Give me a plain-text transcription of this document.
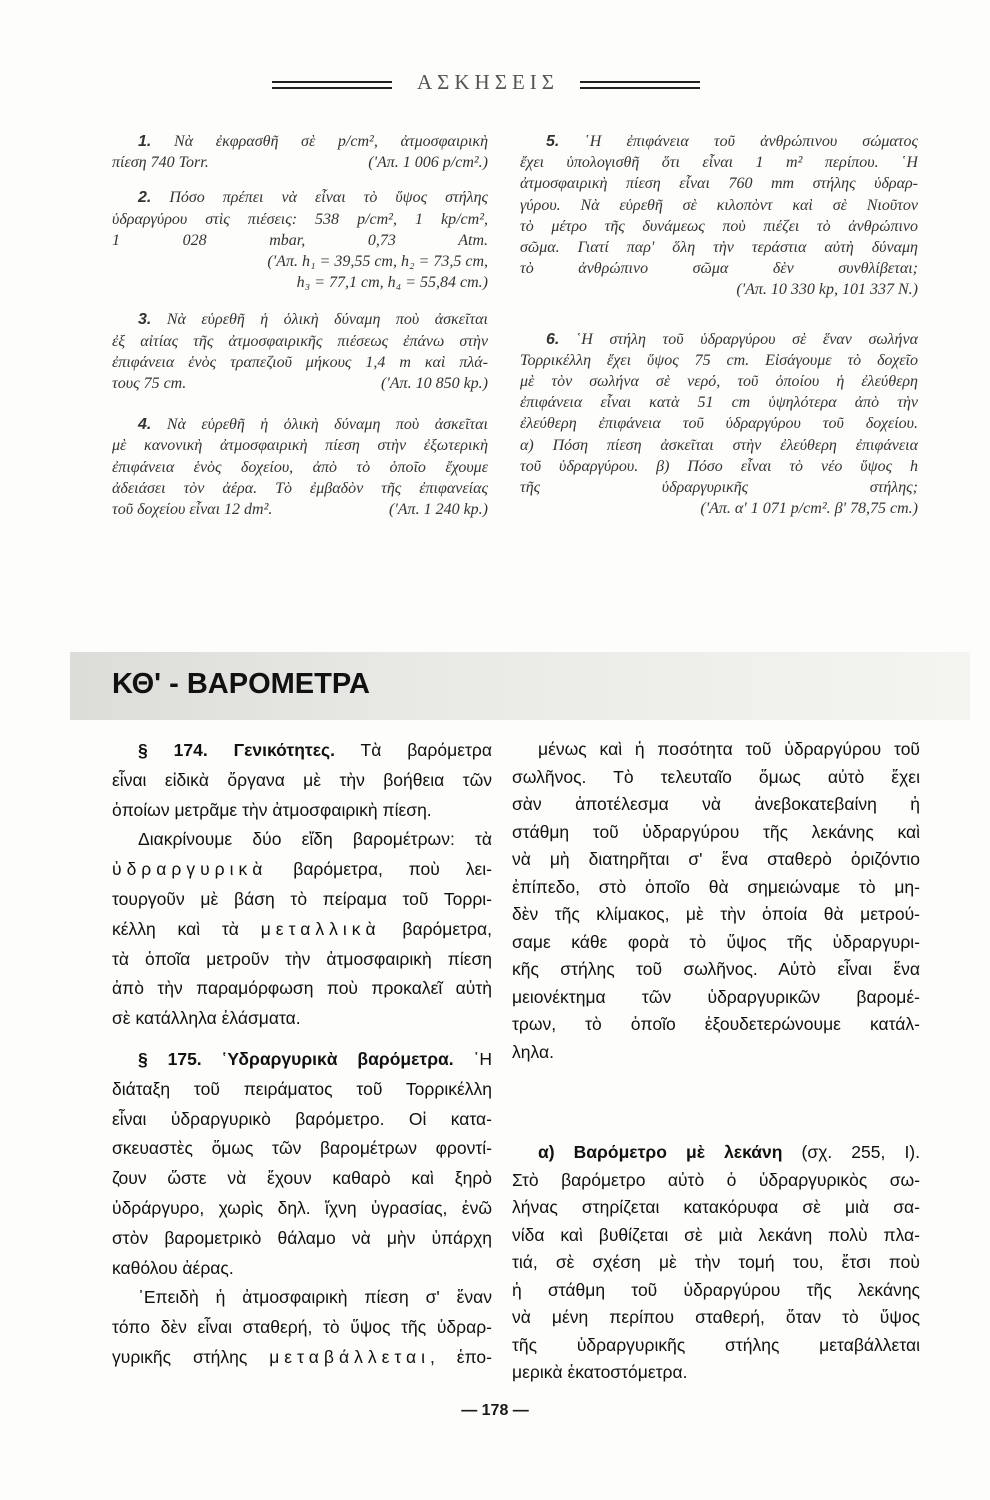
ΑΣΚΗΣΕΙΣ
1. Νὰ ἐκφρασθῆ σὲ p/cm², ἀτμοσφαιρικὴ
πίεση 740 Torr.	('Απ. 1 006 p/cm².)
2. Πόσο πρέπει νὰ εἶναι τὸ ὕψος στήλης
ὑδραργύρου στὶς πιέσεις: 538 p/cm², 1 kp/cm²,
1 028 mbar, 0,73 Atm.
('Απ. h₁ = 39,55 cm, h₂ = 73,5 cm,
h₃ = 77,1 cm, h₄ = 55,84 cm.)
3. Νὰ εὑρεθῆ ἡ ὁλικὴ δύναμη ποὺ ἀσκεῖται
ἐξ αἰτίας τῆς ἀτμοσφαιρικῆς πιέσεως ἐπάνω στὴν
ἐπιφάνεια ἑνὸς τραπεζιοῦ μήκους 1,4 m καὶ πλά-
τους 75 cm.	('Απ. 10 850 kp.)
4. Νὰ εὑρεθῆ ἡ ὁλικὴ δύναμη ποὺ ἀσκεῖται
μὲ κανονικὴ ἀτμοσφαιρικὴ πίεση στὴν ἐξωτερικὴ
ἐπιφάνεια ἑνὸς δοχείου, ἀπὸ τὸ ὁποῖο ἔχουμε
ἀδειάσει τὸν ἀέρα. Τὸ ἐμβαδὸν τῆς ἐπιφανείας
τοῦ δοχείου εἶναι 12 dm².	('Απ. 1 240 kp.)
5. ῾Η ἐπιφάνεια τοῦ ἀνθρώπινου σώματος
ἔχει ὑπολογισθῆ ὅτι εἶναι 1 m² περίπου. ῾Η
ἀτμοσφαιρικὴ πίεση εἶναι 760 mm στήλης ὑδραρ-
γύρου. Νὰ εὑρεθῆ σὲ κιλοπὸντ καὶ σὲ Νιοῦτον
τὸ μέτρο τῆς δυνάμεως ποὺ πιέζει τὸ ἀνθρώπινο
σῶμα. Γιατί παρ' ὅλη τὴν τεράστια αὐτὴ δύναμη
τὸ ἀνθρώπινο σῶμα δὲν συνθλίβεται;
('Απ. 10 330 kp, 101 337 N.)
6. ῾Η στήλη τοῦ ὑδραργύρου σὲ ἕναν σωλήνα
Τορρικέλλη ἔχει ὕψος 75 cm. Εἰσάγουμε τὸ δοχεῖο
μὲ τὸν σωλήνα σὲ νερό, τοῦ ὁποίου ἡ ἐλεύθερη
ἐπιφάνεια εἶναι κατὰ 51 cm ὑψηλότερα ἀπὸ τὴν
ἐλεύθερη ἐπιφάνεια τοῦ ὑδραργύρου τοῦ δοχείου.
α) Πόση πίεση ἀσκεῖται στὴν ἐλεύθερη ἐπιφάνεια
τοῦ ὑδραργύρου. β) Πόσο εἶναι τὸ νέο ὕψος h
τῆς ὑδραργυρικῆς στήλης;
('Απ. α' 1 071 p/cm². β' 78,75 cm.)
ΚΘ' - ΒΑΡΟΜΕΤΡΑ
§ 174. Γενικότητες. Τὰ βαρόμετρα
εἶναι εἰδικὰ ὄργανα μὲ τὴν βοήθεια τῶν
ὁποίων μετρᾶμε τὴν ἀτμοσφαιρικὴ πίεση.
Διακρίνουμε δύο εἴδη βαρομέτρων: τὰ
ὑδραργυρικὰ βαρόμετρα, ποὺ λει-
τουργοῦν μὲ βάση τὸ πείραμα τοῦ Τορρι-
κέλλη καὶ τὰ μεταλλικὰ βαρόμετρα,
τὰ ὁποῖα μετροῦν τὴν ἀτμοσφαιρικὴ πίεση
ἀπὸ τὴν παραμόρφωση ποὺ προκαλεῖ αὐτὴ
σὲ κατάλληλα ἐλάσματα.
§ 175. ῾Υδραργυρικὰ βαρόμετρα. ῾Η
διάταξη τοῦ πειράματος τοῦ Τορρικέλλη
εἶναι ὑδραργυρικὸ βαρόμετρο. Οἱ κατα-
σκευαστὲς ὅμως τῶν βαρομέτρων φροντί-
ζουν ὥστε νὰ ἔχουν καθαρὸ καὶ ξηρὸ
ὑδράργυρο, χωρὶς δηλ. ἴχνη ὑγρασίας, ἐνῶ
στὸν βαρομετρικὸ θάλαμο νὰ μὴν ὑπάρχη
καθόλου ἀέρας.
᾿Επειδὴ ἡ ἀτμοσφαιρικὴ πίεση σ' ἕναν
τόπο δὲν εἶναι σταθερή, τὸ ὕψος τῆς ὑδραρ-
γυρικῆς στήλης μεταβάλλεται, ἑπο-
μένως καὶ ἡ ποσότητα τοῦ ὑδραργύρου τοῦ
σωλῆνος. Τὸ τελευταῖο ὅμως αὐτὸ ἔχει
σὰν ἀποτέλεσμα νὰ ἀνεβοκατεβαίνη ἡ
στάθμη τοῦ ὑδραργύρου τῆς λεκάνης καὶ
νὰ μὴ διατηρῆται σ' ἕνα σταθερὸ ὁριζόντιο
ἐπίπεδο, στὸ ὁποῖο θὰ σημειώναμε τὸ μη-
δὲν τῆς κλίμακος, μὲ τὴν ὁποία θὰ μετρού-
σαμε κάθε φορὰ τὸ ὕψος τῆς ὑδραργυρι-
κῆς στήλης τοῦ σωλῆνος. Αὐτὸ εἶναι ἕνα
μειονέκτημα τῶν ὑδραργυρικῶν βαρομέ-
τρων, τὸ ὁποῖο ἐξουδετερώνουμε κατάλ-
ληλα.
α) Βαρόμετρο μὲ λεκάνη (σχ. 255, Ι).
Στὸ βαρόμετρο αὐτὸ ὁ ὑδραργυρικὸς σω-
λήνας στηρίζεται κατακόρυφα σὲ μιὰ σα-
νίδα καὶ βυθίζεται σὲ μιὰ λεκάνη πολὺ πλα-
τιά, σὲ σχέση μὲ τὴν τομή του, ἔτσι ποὺ
ἡ στάθμη τοῦ ὑδραργύρου τῆς λεκάνης
νὰ μένη περίπου σταθερή, ὅταν τὸ ὕψος
τῆς ὑδραργυρικῆς στήλης μεταβάλλεται
μερικὰ ἑκατοστόμετρα.
— 178 —
